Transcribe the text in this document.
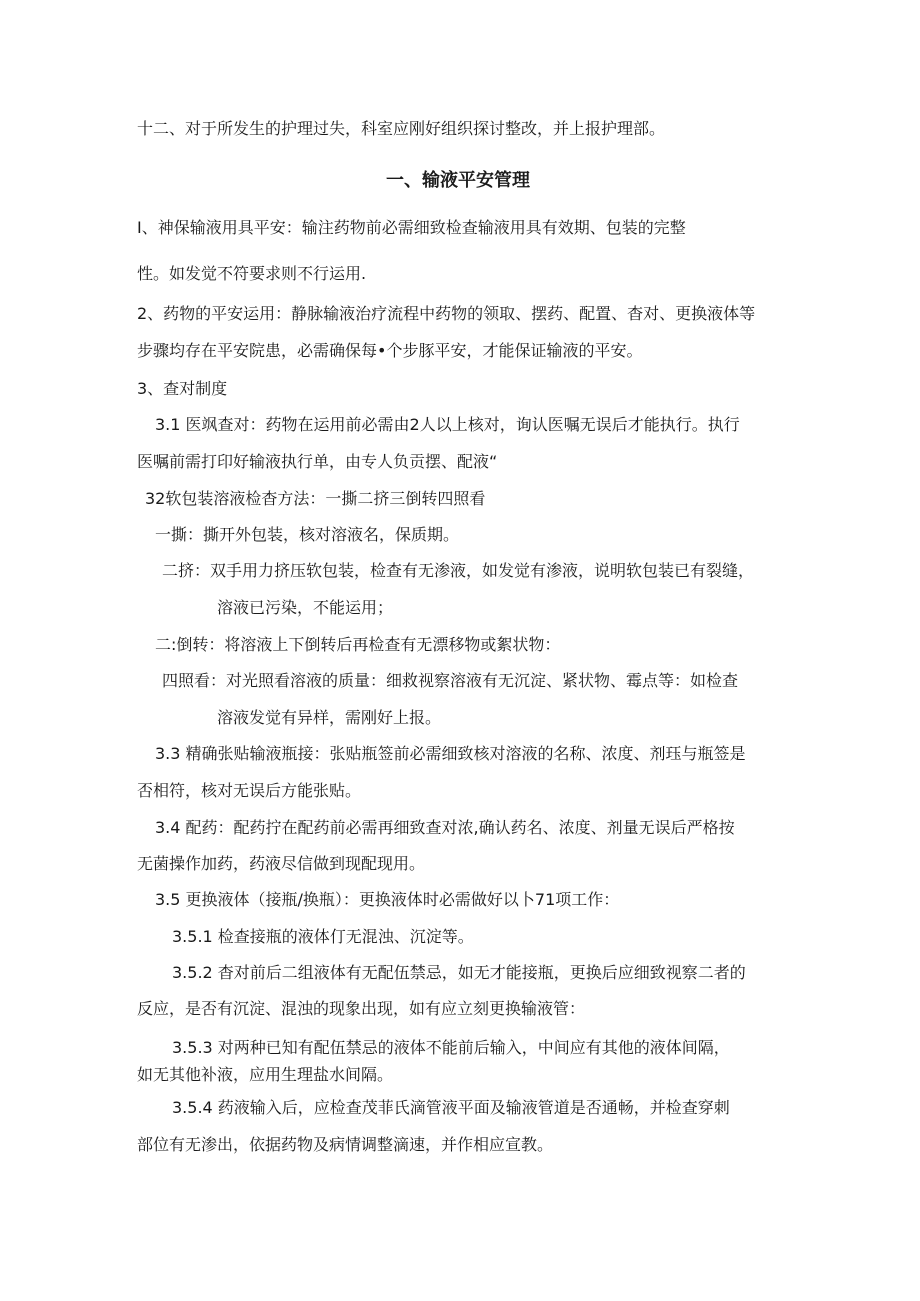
十二、对于所发生的护理过失，科室应刚好组织探讨整改，并上报护理部。
一、输液平安管理
I、神保输液用具平安：输注药物前必需细致检查输液用具有效期、包装的完整
性。如发觉不符要求则不行运用.
2、药物的平安运用：静脉输液治疗流程中药物的领取、摆药、配置、杳对、更换液体等
步骤均存在平安院患，必需确保每•个步豚平安，才能保证输液的平安。
3、查对制度
3.1 医飒查对：药物在运用前必需由2人以上核对，询认医嘱无误后才能执行。执行
医嘱前需打印好输液执行单，由专人负贡摆、配液“
32软包装溶液检杳方法：一撕二挤三倒转四照看
一撕：撕开外包装，核对溶液名，保质期。
二挤：双手用力挤压软包装，检查有无渗液，如发觉有渗液，说明软包装已有裂缝，
溶液已污染，不能运用；
二:倒转：将溶液上下倒转后再检查有无漂移物或絮状物：
四照看：对光照看溶液的质量：细救视察溶液有无沉淀、紧状物、霉点等：如检查
溶液发觉有异样，需刚好上报。
3.3 精确张贴输液瓶接：张贴瓶签前必需细致核对溶液的名称、浓度、剂珏与瓶签是
否相符，核对无误后方能张贴。
3.4 配药：配药拧在配药前必需再细致查对浓,确认药名、浓度、剂量无误后严格按
无菌操作加药，药液尽信做到现配现用。
3.5 更换液体（接瓶/换瓶）：更换液体时必需做好以卜71项工作：
3.5.1 检查接瓶的液体仃无混浊、沉淀等。
3.5.2 杳对前后二组液体有无配伍禁忌，如无才能接瓶，更换后应细致视察二者的
反应，是否有沉淀、混浊的现象出现，如有应立刻更换输液管：
3.5.3 对两种已知有配伍禁忌的液体不能前后输入，中间应有其他的液体间隔，
如无其他补液，应用生理盐水间隔。
3.5.4 药液输入后，应检查茂菲氏滴管液平面及输液管道是否通畅，并检查穿刺
部位有无渗出，依据药物及病情调整滴速，并作相应宣教。
